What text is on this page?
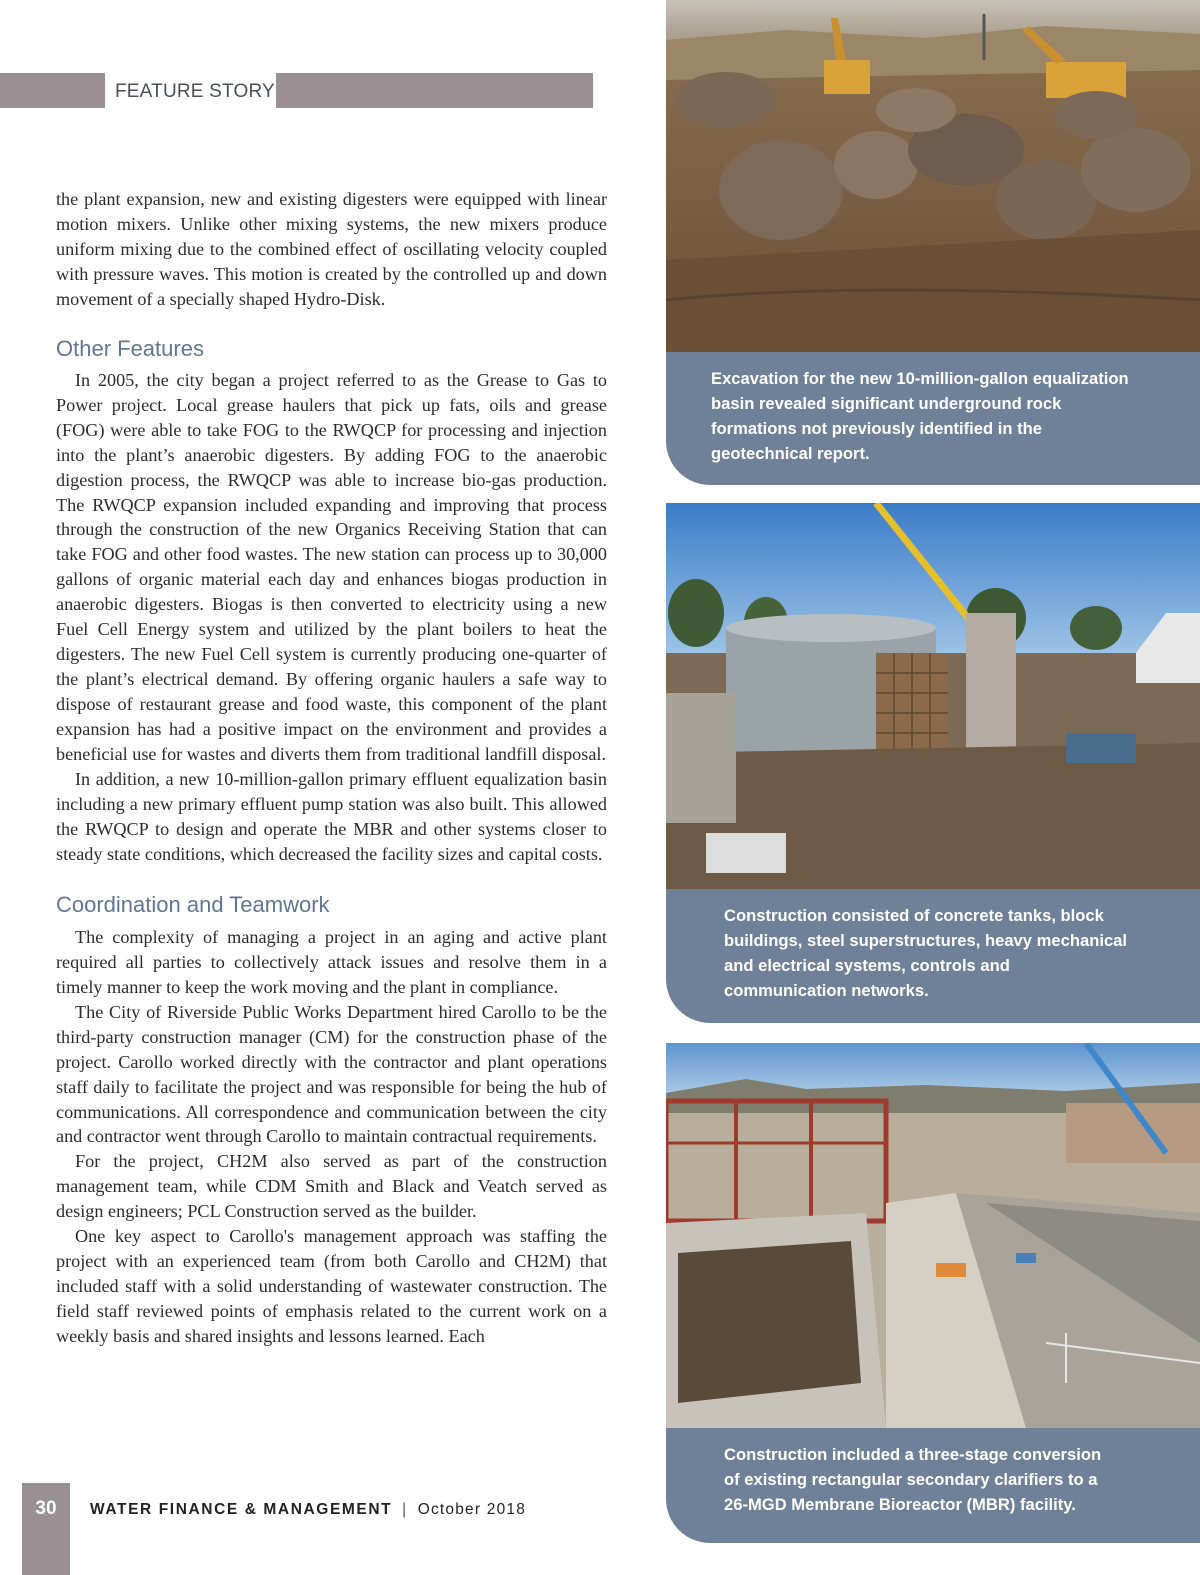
FEATURE STORY

the plant expansion, new and existing digesters were equipped with linear motion mixers. Unlike other mixing systems, the new mixers produce uniform mixing due to the combined effect of oscillating velocity coupled with pressure waves. This motion is created by the controlled up and down movement of a specially shaped Hydro-Disk.

Other Features

In 2005, the city began a project referred to as the Grease to Gas to Power project. Local grease haulers that pick up fats, oils and grease (FOG) were able to take FOG to the RWQCP for processing and injection into the plant’s anaerobic digesters. By adding FOG to the anaerobic digestion process, the RWQCP was able to increase bio-gas production. The RWQCP expansion included expanding and improving that process through the construction of the new Organics Receiving Station that can take FOG and other food wastes. The new station can process up to 30,000 gallons of organic material each day and enhances biogas production in anaerobic digesters. Biogas is then converted to electricity using a new Fuel Cell Energy system and utilized by the plant boilers to heat the digesters. The new Fuel Cell system is currently producing one-quarter of the plant’s electrical demand. By offering organic haulers a safe way to dispose of restaurant grease and food waste, this component of the plant expansion has had a positive impact on the environment and provides a beneficial use for wastes and diverts them from traditional landfill disposal.

In addition, a new 10-million-gallon primary effluent equalization basin including a new primary effluent pump station was also built. This allowed the RWQCP to design and operate the MBR and other systems closer to steady state conditions, which decreased the facility sizes and capital costs.

Coordination and Teamwork

The complexity of managing a project in an aging and active plant required all parties to collectively attack issues and resolve them in a timely manner to keep the work moving and the plant in compliance.

The City of Riverside Public Works Department hired Carollo to be the third-party construction manager (CM) for the construction phase of the project. Carollo worked directly with the contractor and plant operations staff daily to facilitate the project and was responsible for being the hub of communications. All correspondence and communication between the city and contractor went through Carollo to maintain contractual requirements.

For the project, CH2M also served as part of the construction management team, while CDM Smith and Black and Veatch served as design engineers; PCL Construction served as the builder.

One key aspect to Carollo's management approach was staffing the project with an experienced team (from both Carollo and CH2M) that included staff with a solid understanding of wastewater construction. The field staff reviewed points of emphasis related to the current work on a weekly basis and shared insights and lessons learned. Each

Excavation for the new 10-million-gallon equalization basin revealed significant underground rock formations not previously identified in the geotechnical report.
Construction consisted of concrete tanks, block buildings, steel superstructures, heavy mechanical and electrical systems, controls and communication networks.
Construction included a three-stage conversion of existing rectangular secondary clarifiers to a 26-MGD Membrane Bioreactor (MBR) facility.
30	WATER FINANCE & MANAGEMENT | October 2018
